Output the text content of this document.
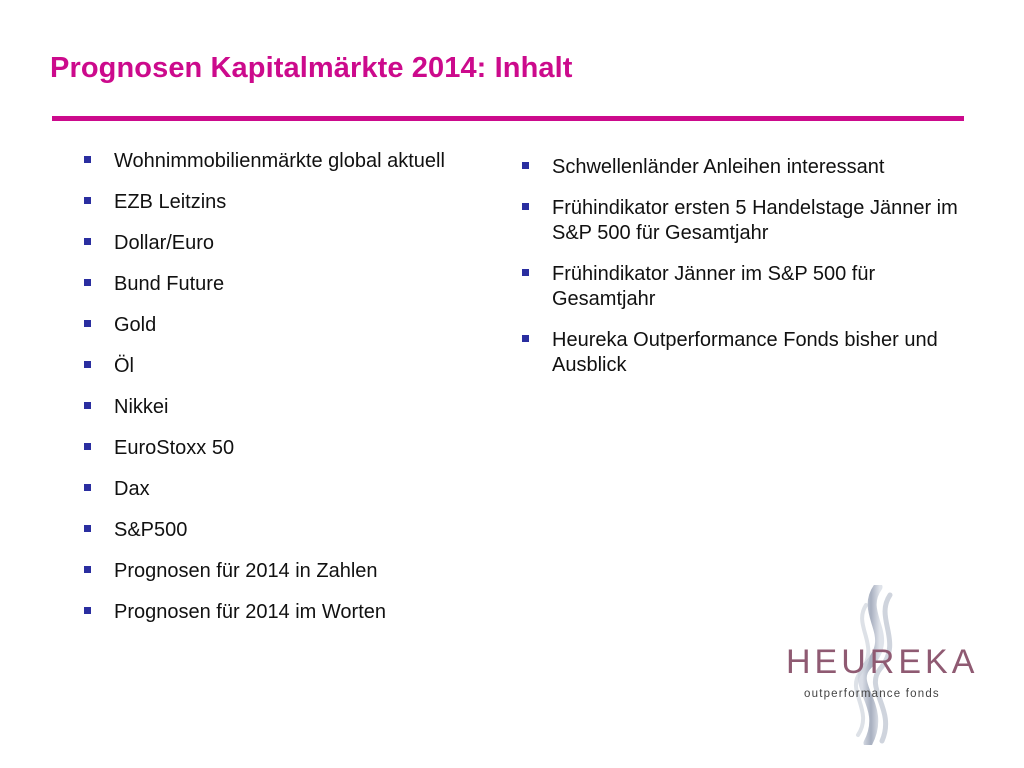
Prognosen Kapitalmärkte 2014: Inhalt
Wohnimmobilienmärkte global aktuell
EZB Leitzins
Dollar/Euro
Bund Future
Gold
Öl
Nikkei
EuroStoxx 50
Dax
S&P500
Prognosen für 2014 in Zahlen
Prognosen für 2014 im Worten
Schwellenländer Anleihen interessant
Frühindikator ersten 5 Handelstage Jänner im S&P 500 für Gesamtjahr
Frühindikator Jänner im S&P 500 für Gesamtjahr
Heureka Outperformance Fonds bisher und Ausblick
HEUREKA
outperformance fonds
